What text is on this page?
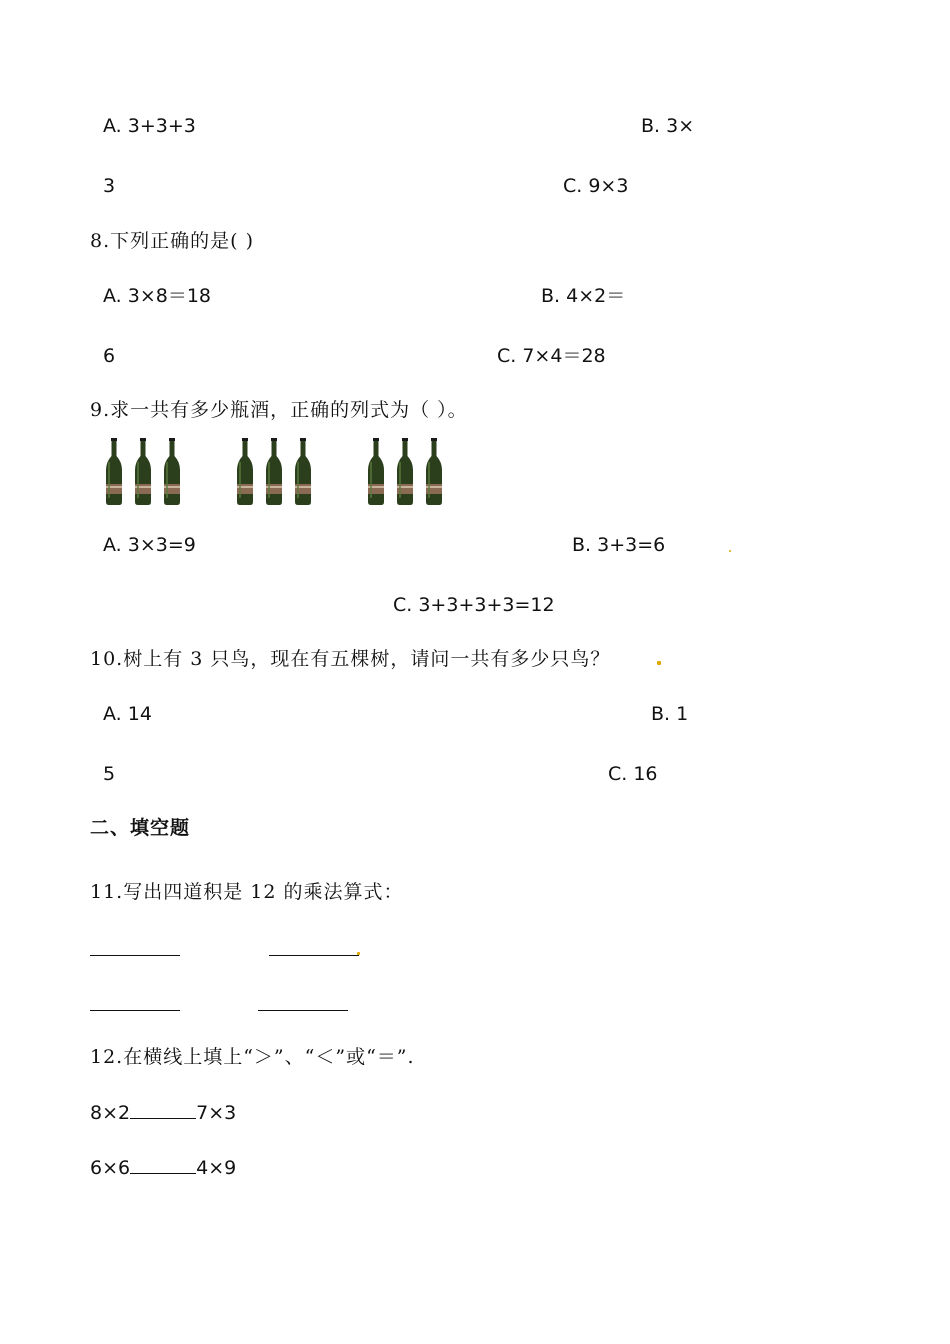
A. 3+3+3	B. 3×
3	C. 9×3
8.下列正确的是( )
A. 3×8＝18	B. 4×2＝
6	C. 7×4＝28
9.求一共有多少瓶酒，正确的列式为（ ）。
A. 3×3=9	B. 3+3=6
C. 3+3+3+3=12
10.树上有 3 只鸟，现在有五棵树，请问一共有多少只鸟？
A. 14	B. 1
5	C. 16
二、填空题
11.写出四道积是 12 的乘法算式：
12.在横线上填上“＞”、“＜”或“＝”.
8×2	7×3
6×6	4×9
